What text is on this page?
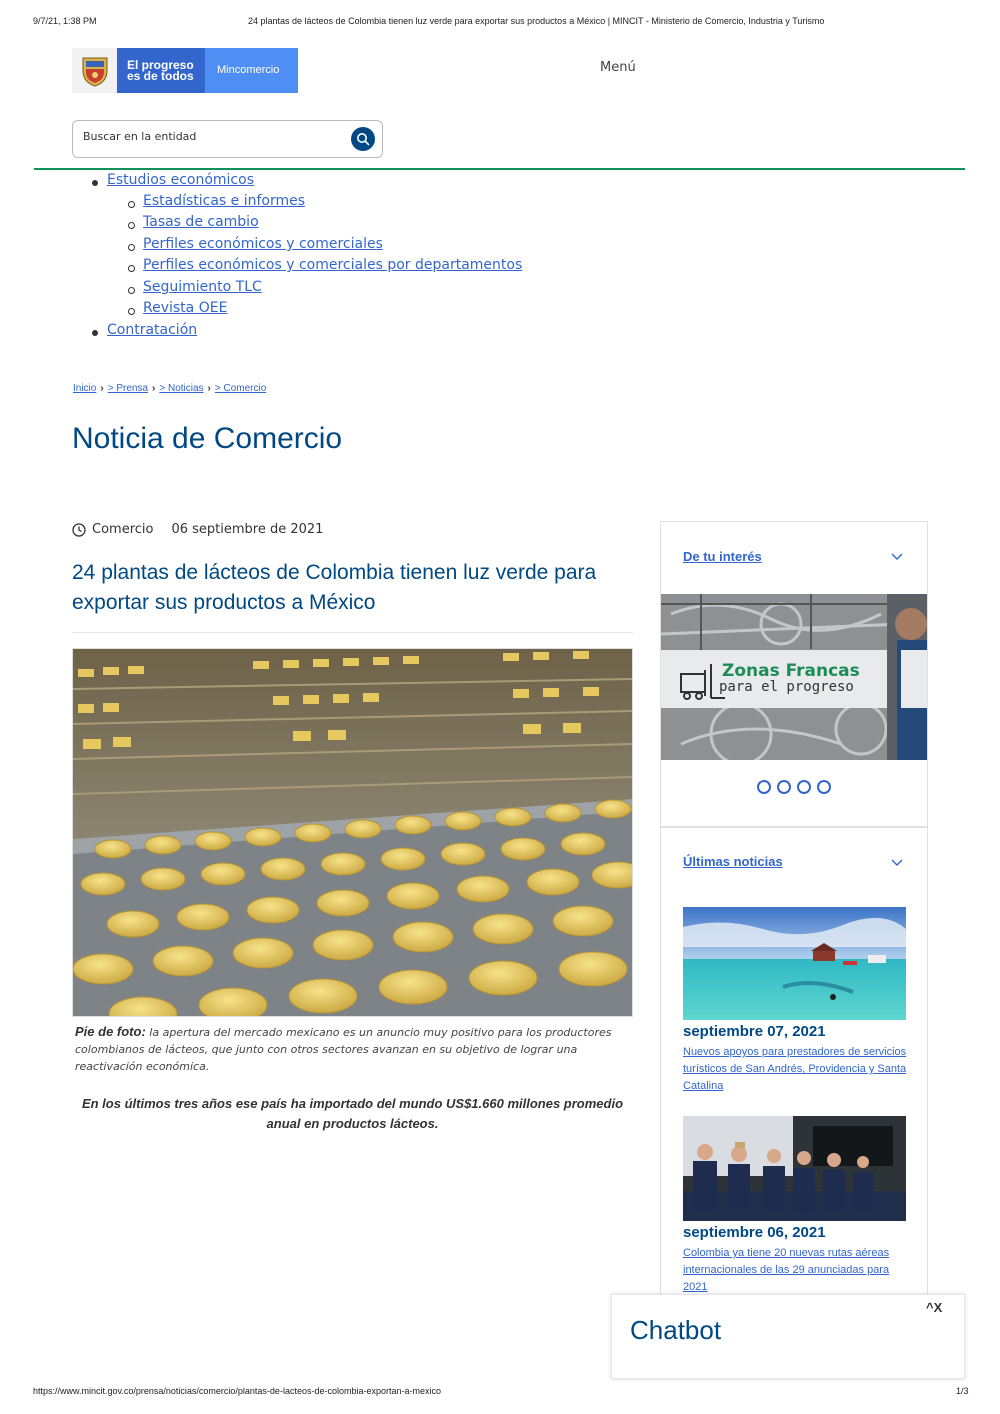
9/7/21, 1:38 PM	24 plantas de lácteos de Colombia tienen luz verde para exportar sus productos a México | MINCIT - Ministerio de Comercio, Industria y Turismo
El progreso
es de todos	Mincomercio	Menú
Buscar en la entidad
Estudios económicos
Estadísticas e informes
Tasas de cambio
Perfiles económicos y comerciales
Perfiles económicos y comerciales por departamentos
Seguimiento TLC
Revista OEE
Contratación
Inicio › > Prensa › > Noticias › > Comercio
Noticia de Comercio
Comercio 06 septiembre de 2021
24 plantas de lácteos de Colombia tienen luz verde para exportar sus productos a México

Pie de foto: la apertura del mercado mexicano es un anuncio muy positivo para los productores colombianos de lácteos, que junto con otros sectores avanzan en su objetivo de lograr una reactivación económica.

En los últimos tres años ese país ha importado del mundo US$1.660 millones promedio anual en productos lácteos.

De tu interés
Zonas Francas
para el progreso
Últimas noticias
septiembre 07, 2021
Nuevos apoyos para prestadores de servicios turísticos de San Andrés, Providencia y Santa Catalina
septiembre 06, 2021
Colombia ya tiene 20 nuevas rutas aéreas internacionales de las 29 anunciadas para 2021
Chatbot
^X
https://www.mincit.gov.co/prensa/noticias/comercio/plantas-de-lacteos-de-colombia-exportan-a-mexico	1/3
